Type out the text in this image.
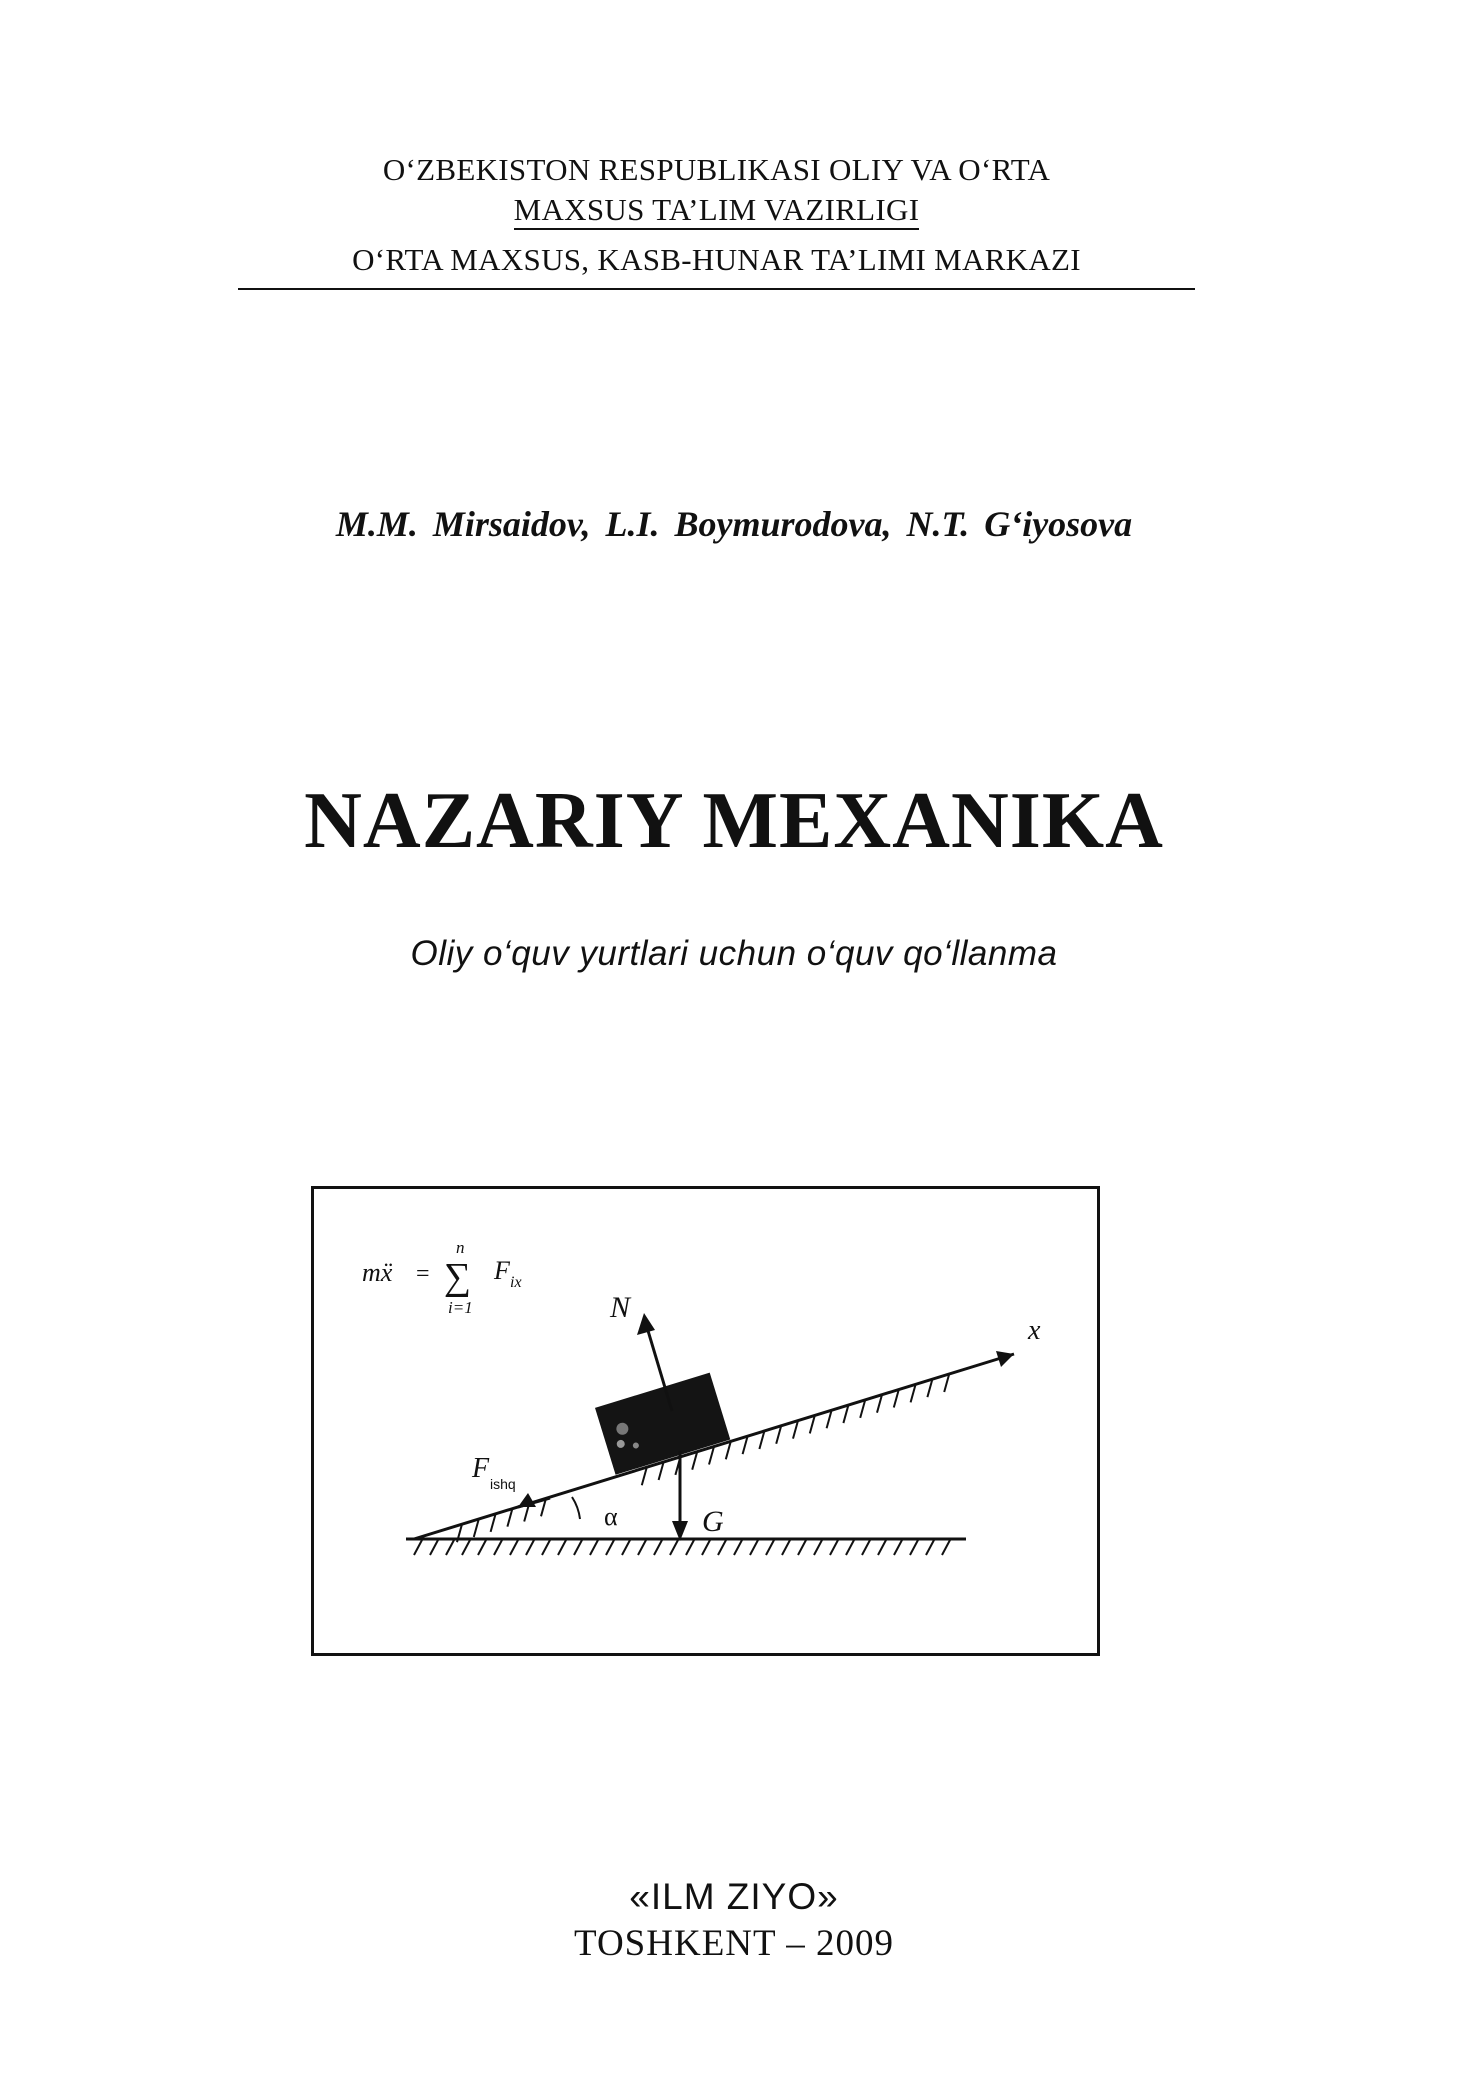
O‘ZBEKISTON RESPUBLIKASI OLIY VA O‘RTA
MAXSUS TA’LIM VAZIRLIGI
O‘RTA MAXSUS, KASB-HUNAR TA’LIMI MARKAZI
M.M. Mirsaidov, L.I. Boymurodova, N.T. G‘iyosova
NAZARIY MEXANIKA
Oliy o‘quv yurtlari uchun o‘quv qo‘llanma
mẍ =
n
∑
i=1
F ix
N
x
F ishq
α	G
«ILM ZIYO»
TOSHKENT – 2009
